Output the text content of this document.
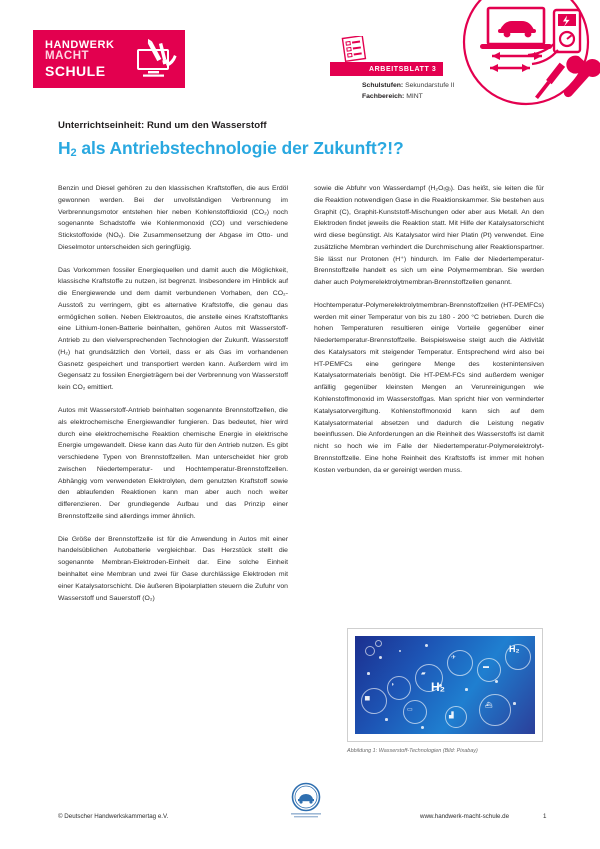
HANDWERK
MACHT
SCHULE	ARBEITSBLATT 3
Schulstufen: Sekundarstufe II
Fachbereich: MINT
Unterrichtseinheit: Rund um den Wasserstoff
$H_2$ als Antriebstechnologie der Zukunft?!?

Benzin und Diesel gehören zu den klassischen Kraftstoffen, die aus Erdöl gewonnen werden. Bei der unvollständigen Verbrennung im Verbrennungsmotor entstehen hier neben Kohlenstoffdioxid (CO₂) noch sogenannte Schadstoffe wie Kohlenmonoxid (CO) und verschiedene Stickstoffoxide (NOₓ). Die Zusammensetzung der Abgase im Otto- und Dieselmotor unterscheiden sich geringfügig.

Das Vorkommen fossiler Energiequellen und damit auch die Möglichkeit, klassische Kraftstoffe zu nutzen, ist begrenzt. Insbesondere im Hinblick auf die Energiewende und dem damit verbundenen Vorhaben, den CO₂-Ausstoß zu verringern, gibt es alternative Kraftstoffe, die genau das ermöglichen sollen. Neben Elektroautos, die anstelle eines Kraftstofftanks eine Lithium-Ionen-Batterie beinhalten, gehören Autos mit Wasserstoff-Antrieb zu den vielversprechenden Technologien der Zukunft. Wasserstoff (H₂) hat grundsätzlich den Vorteil, dass er als Gas im vorhandenen Gasnetz gespeichert und transportiert werden kann. Außerdem wird im Gegensatz zu fossilen Energieträgern bei der Verbrennung von Wasserstoff kein CO₂ emittiert.

Autos mit Wasserstoff-Antrieb beinhalten sogenannte Brennstoffzellen, die als elektrochemische Energiewandler fungieren. Das bedeutet, hier wird durch eine elektrochemische Reaktion chemische Energie in elektrische Energie umgewandelt. Diese kann das Auto für den Antrieb nutzen. Es gibt verschiedene Typen von Brennstoffzellen. Man unterscheidet hier grob zwischen Niedertemperatur- und Hochtemperatur-Brennstoffzellen. Abhängig vom verwendeten Elektrolyten, dem genutzten Kraftstoff sowie den ablaufenden Reaktionen kann man aber auch noch weiter differenzieren. Der grundlegende Aufbau und das Prinzip einer Brennstoffzelle sind allerdings immer ähnlich.

Die Größe der Brennstoffzelle ist für die Anwendung in Autos mit einer handelsüblichen Autobatterie vergleichbar. Das Herzstück stellt die sogenannte Membran-Elektroden-Einheit dar. Eine solche Einheit beinhaltet eine Membran und zwei für Gase durchlässige Elektroden mit einer Katalysatorschicht. Die äußeren Bipolarplatten steuern die Zufuhr von Wasserstoff und Sauerstoff (O₂)

sowie die Abfuhr von Wasserdampf (H₂O₍g₎). Das heißt, sie leiten die für die Reaktion notwendigen Gase in die Reaktionskammer. Sie bestehen aus Graphit (C), Graphit-Kunststoff-Mischungen oder aber aus Metall. An den Elektroden findet jeweils die Reaktion statt. Mit Hilfe der Katalysatorschicht wird diese begünstigt. Als Katalysator wird hier Platin (Pt) verwendet. Eine zusätzliche Membran verhindert die Durchmischung aller Reaktionspartner. Sie lässt nur Protonen (H⁺) hindurch. Im Falle der Niedertemperatur-Brennstoffzelle handelt es sich um eine Polymermembran. Sie werden daher auch Polymerelektrolytmembran-Brennstoffzellen genannt.

Hochtemperatur-Polymerelektrolytmembran-Brennstoffzellen (HT-PEMFCs) werden mit einer Temperatur von bis zu 180 - 200 °C betrieben. Durch die hohen Temperaturen resultieren einige Vorteile gegenüber einer Niedertemperatur-Brennstoffzelle. Beispielsweise steigt auch die Aktivität des Katalysators mit steigender Temperatur. Entsprechend wird also bei HT-PEMFCs eine geringere Menge des kostenintensiven Katalysatormaterials benötigt. Die HT-PEM-FCs sind außerdem weniger anfällig gegenüber kleinsten Mengen an Verunreinigungen wie Kohlenstoffmonoxid im Wasserstoffgas. Man spricht hier von verminderter Katalysatorvergiftung. Kohlenstoffmonoxid kann sich auf dem Katalysatormaterial absetzen und dadurch die Leistung negativ beeinflussen. Die Anforderungen an die Reinheit des Wasserstoffs ist damit nicht so hoch wie im Falle der Niedertemperatur-Polymerelektrolyt-Brennstoffzelle. Eine hohe Reinheit des Kraftstoffs ist immer mit hohen Kosten verbunden, da er gereinigt werden muss.

✈
▬
▰
◗
▅
▭
▟
⛴
H₂
H₂
Abbildung 1: Wasserstoff-Technologien (Bild: Pixabay)
© Deutscher Handwerkskammertag e.V.	www.handwerk-macht-schule.de	1
